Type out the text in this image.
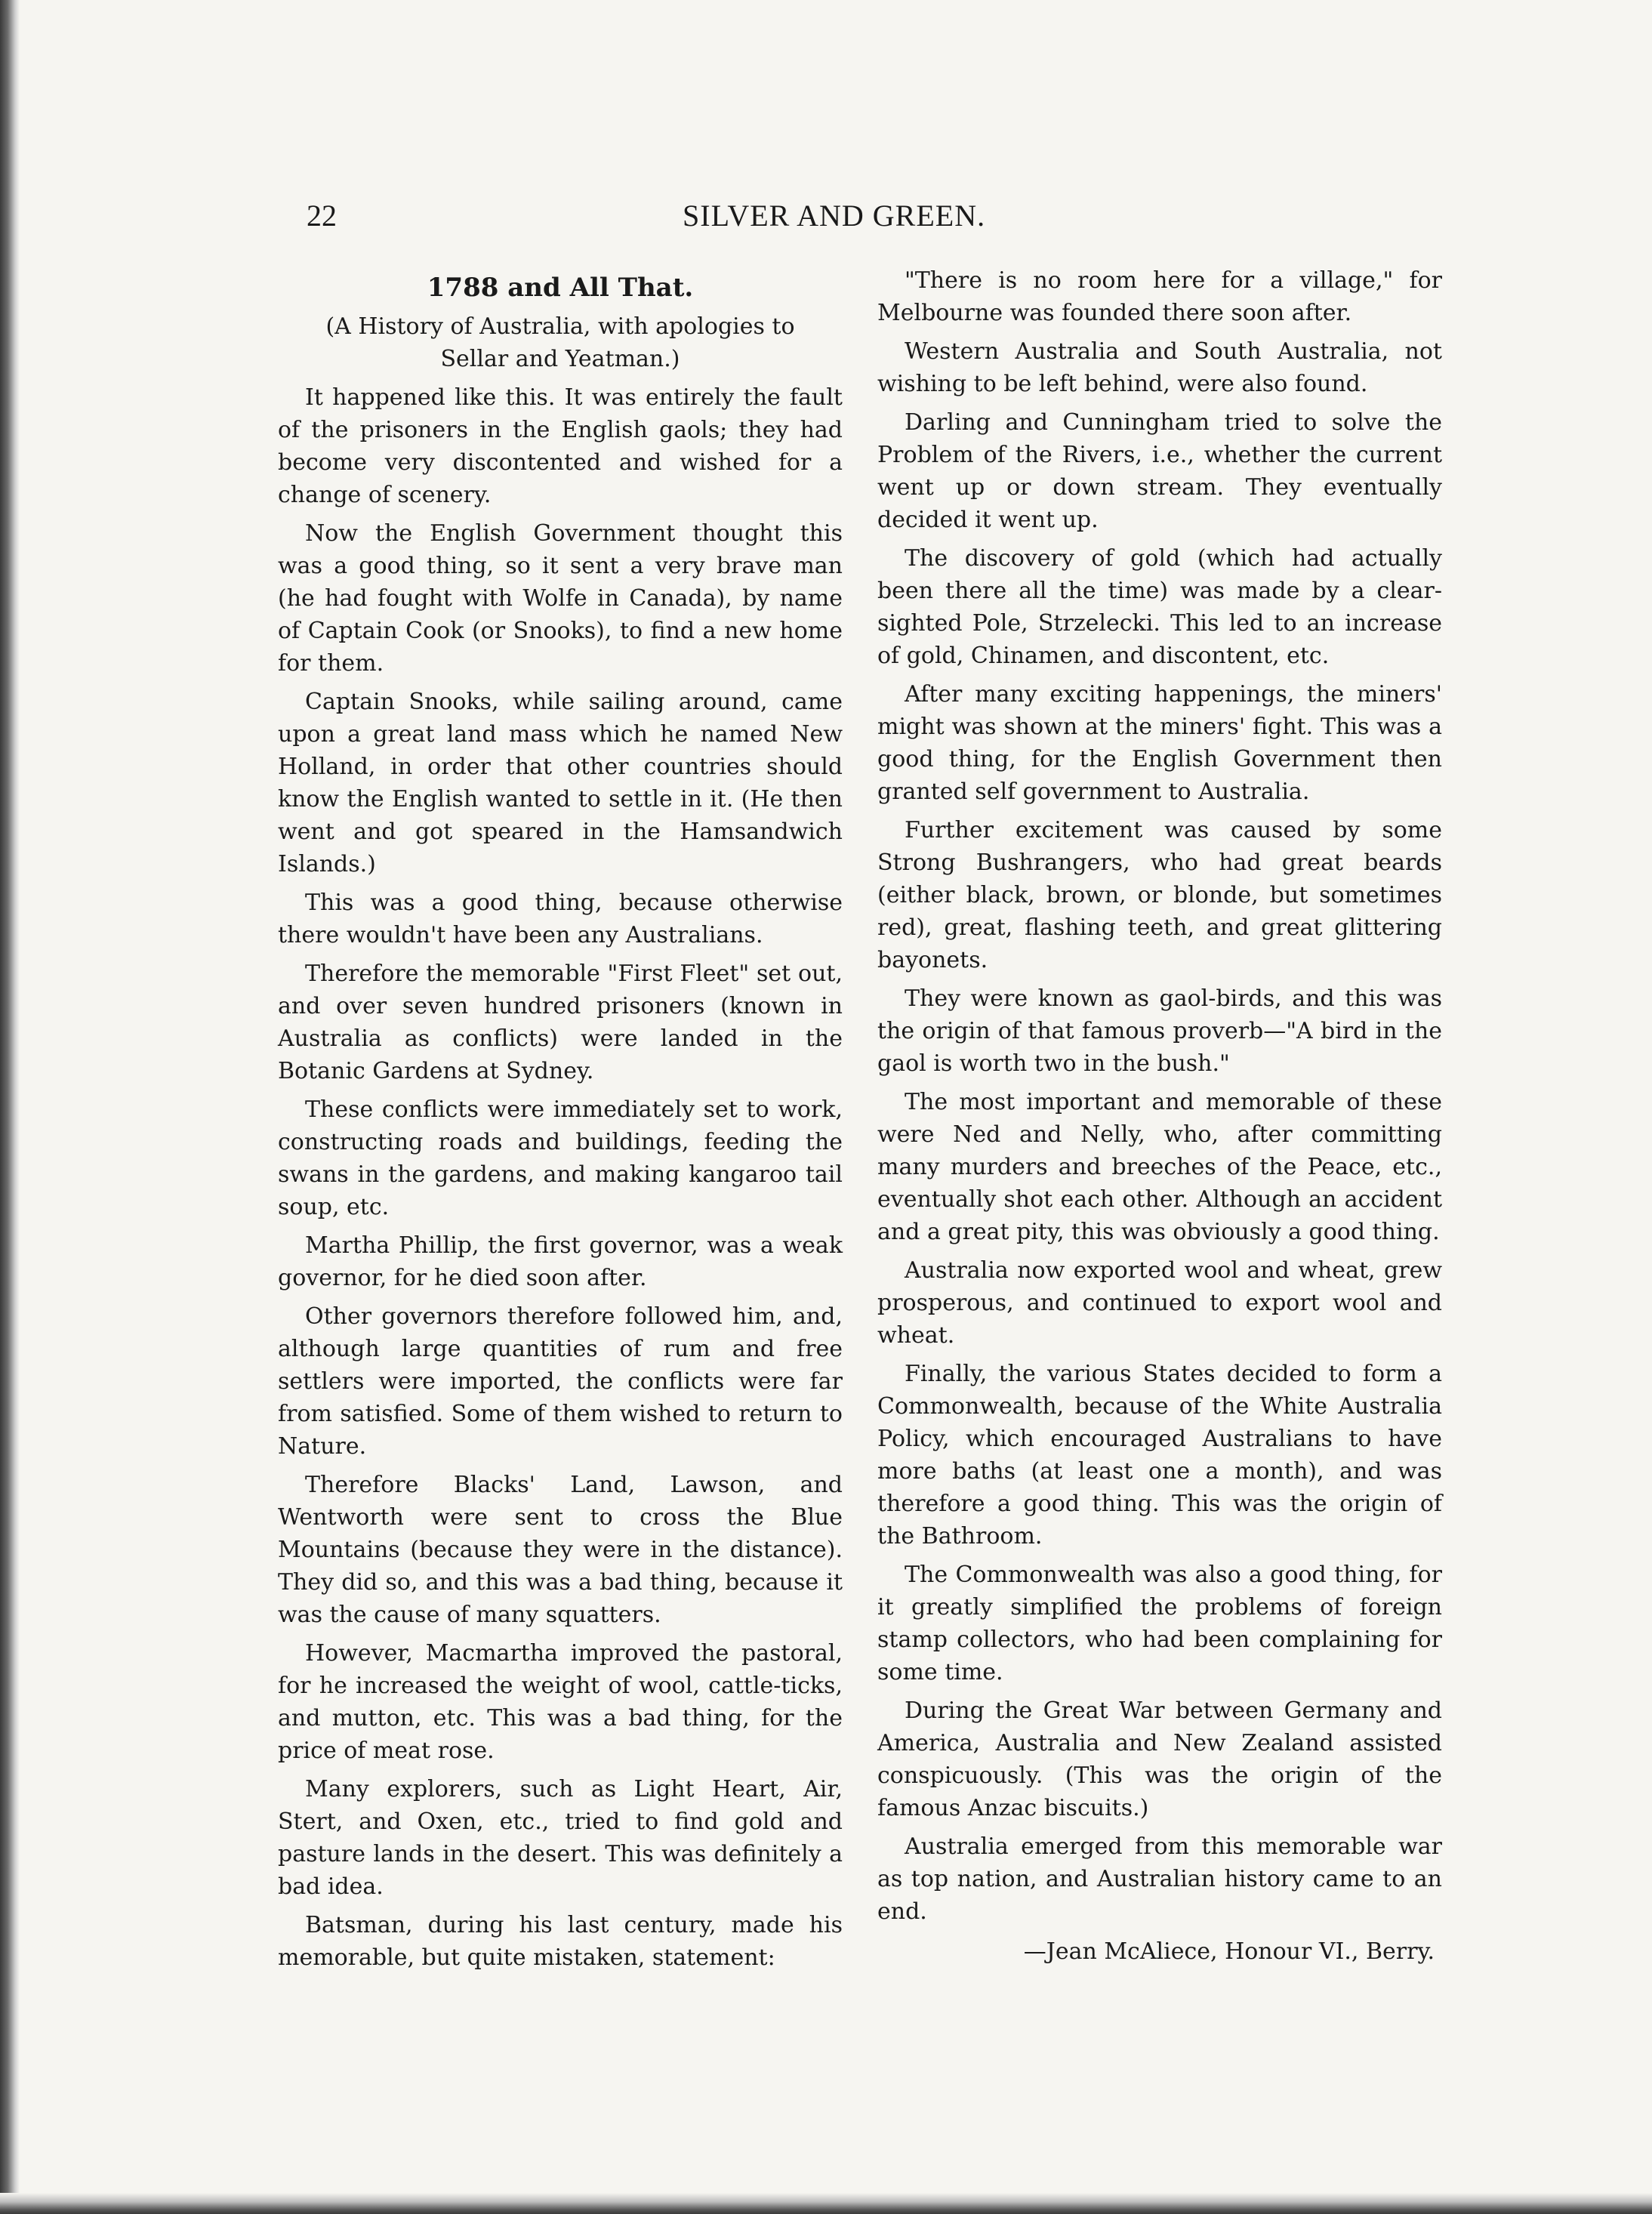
22	SILVER AND GREEN.
1788 and All That.
(A History of Australia, with apologies to Sellar and Yeatman.)

It happened like this. It was entirely the fault of the prisoners in the English gaols; they had become very discontented and wished for a change of scenery.

Now the English Government thought this was a good thing, so it sent a very brave man (he had fought with Wolfe in Canada), by name of Captain Cook (or Snooks), to find a new home for them.

Captain Snooks, while sailing around, came upon a great land mass which he named New Holland, in order that other countries should know the English wanted to settle in it. (He then went and got speared in the Hamsandwich Islands.)

This was a good thing, because otherwise there wouldn't have been any Australians.

Therefore the memorable "First Fleet" set out, and over seven hundred prisoners (known in Australia as conflicts) were landed in the Botanic Gardens at Sydney.

These conflicts were immediately set to work, constructing roads and buildings, feeding the swans in the gardens, and making kangaroo tail soup, etc.

Martha Phillip, the first governor, was a weak governor, for he died soon after.

Other governors therefore followed him, and, although large quantities of rum and free settlers were imported, the conflicts were far from satisfied. Some of them wished to return to Nature.

Therefore Blacks' Land, Lawson, and Wentworth were sent to cross the Blue Mountains (because they were in the distance). They did so, and this was a bad thing, because it was the cause of many squatters.

However, Macmartha improved the pastoral, for he increased the weight of wool, cattle-ticks, and mutton, etc. This was a bad thing, for the price of meat rose.

Many explorers, such as Light Heart, Air, Stert, and Oxen, etc., tried to find gold and pasture lands in the desert. This was definitely a bad idea.

Batsman, during his last century, made his memorable, but quite mistaken, statement:

"There is no room here for a village," for Melbourne was founded there soon after.

Western Australia and South Australia, not wishing to be left behind, were also found.

Darling and Cunningham tried to solve the Problem of the Rivers, i.e., whether the current went up or down stream. They eventually decided it went up.

The discovery of gold (which had actually been there all the time) was made by a clear-sighted Pole, Strzelecki. This led to an increase of gold, Chinamen, and discontent, etc.

After many exciting happenings, the miners' might was shown at the miners' fight. This was a good thing, for the English Government then granted self government to Australia.

Further excitement was caused by some Strong Bushrangers, who had great beards (either black, brown, or blonde, but sometimes red), great, flashing teeth, and great glittering bayonets.

They were known as gaol-birds, and this was the origin of that famous proverb—"A bird in the gaol is worth two in the bush."

The most important and memorable of these were Ned and Nelly, who, after committing many murders and breeches of the Peace, etc., eventually shot each other. Although an accident and a great pity, this was obviously a good thing.

Australia now exported wool and wheat, grew prosperous, and continued to export wool and wheat.

Finally, the various States decided to form a Commonwealth, because of the White Australia Policy, which encouraged Australians to have more baths (at least one a month), and was therefore a good thing. This was the origin of the Bathroom.

The Commonwealth was also a good thing, for it greatly simplified the problems of foreign stamp collectors, who had been complaining for some time.

During the Great War between Germany and America, Australia and New Zealand assisted conspicuously. (This was the origin of the famous Anzac biscuits.)

Australia emerged from this memorable war as top nation, and Australian history came to an end.

—Jean McAliece, Honour VI., Berry.
